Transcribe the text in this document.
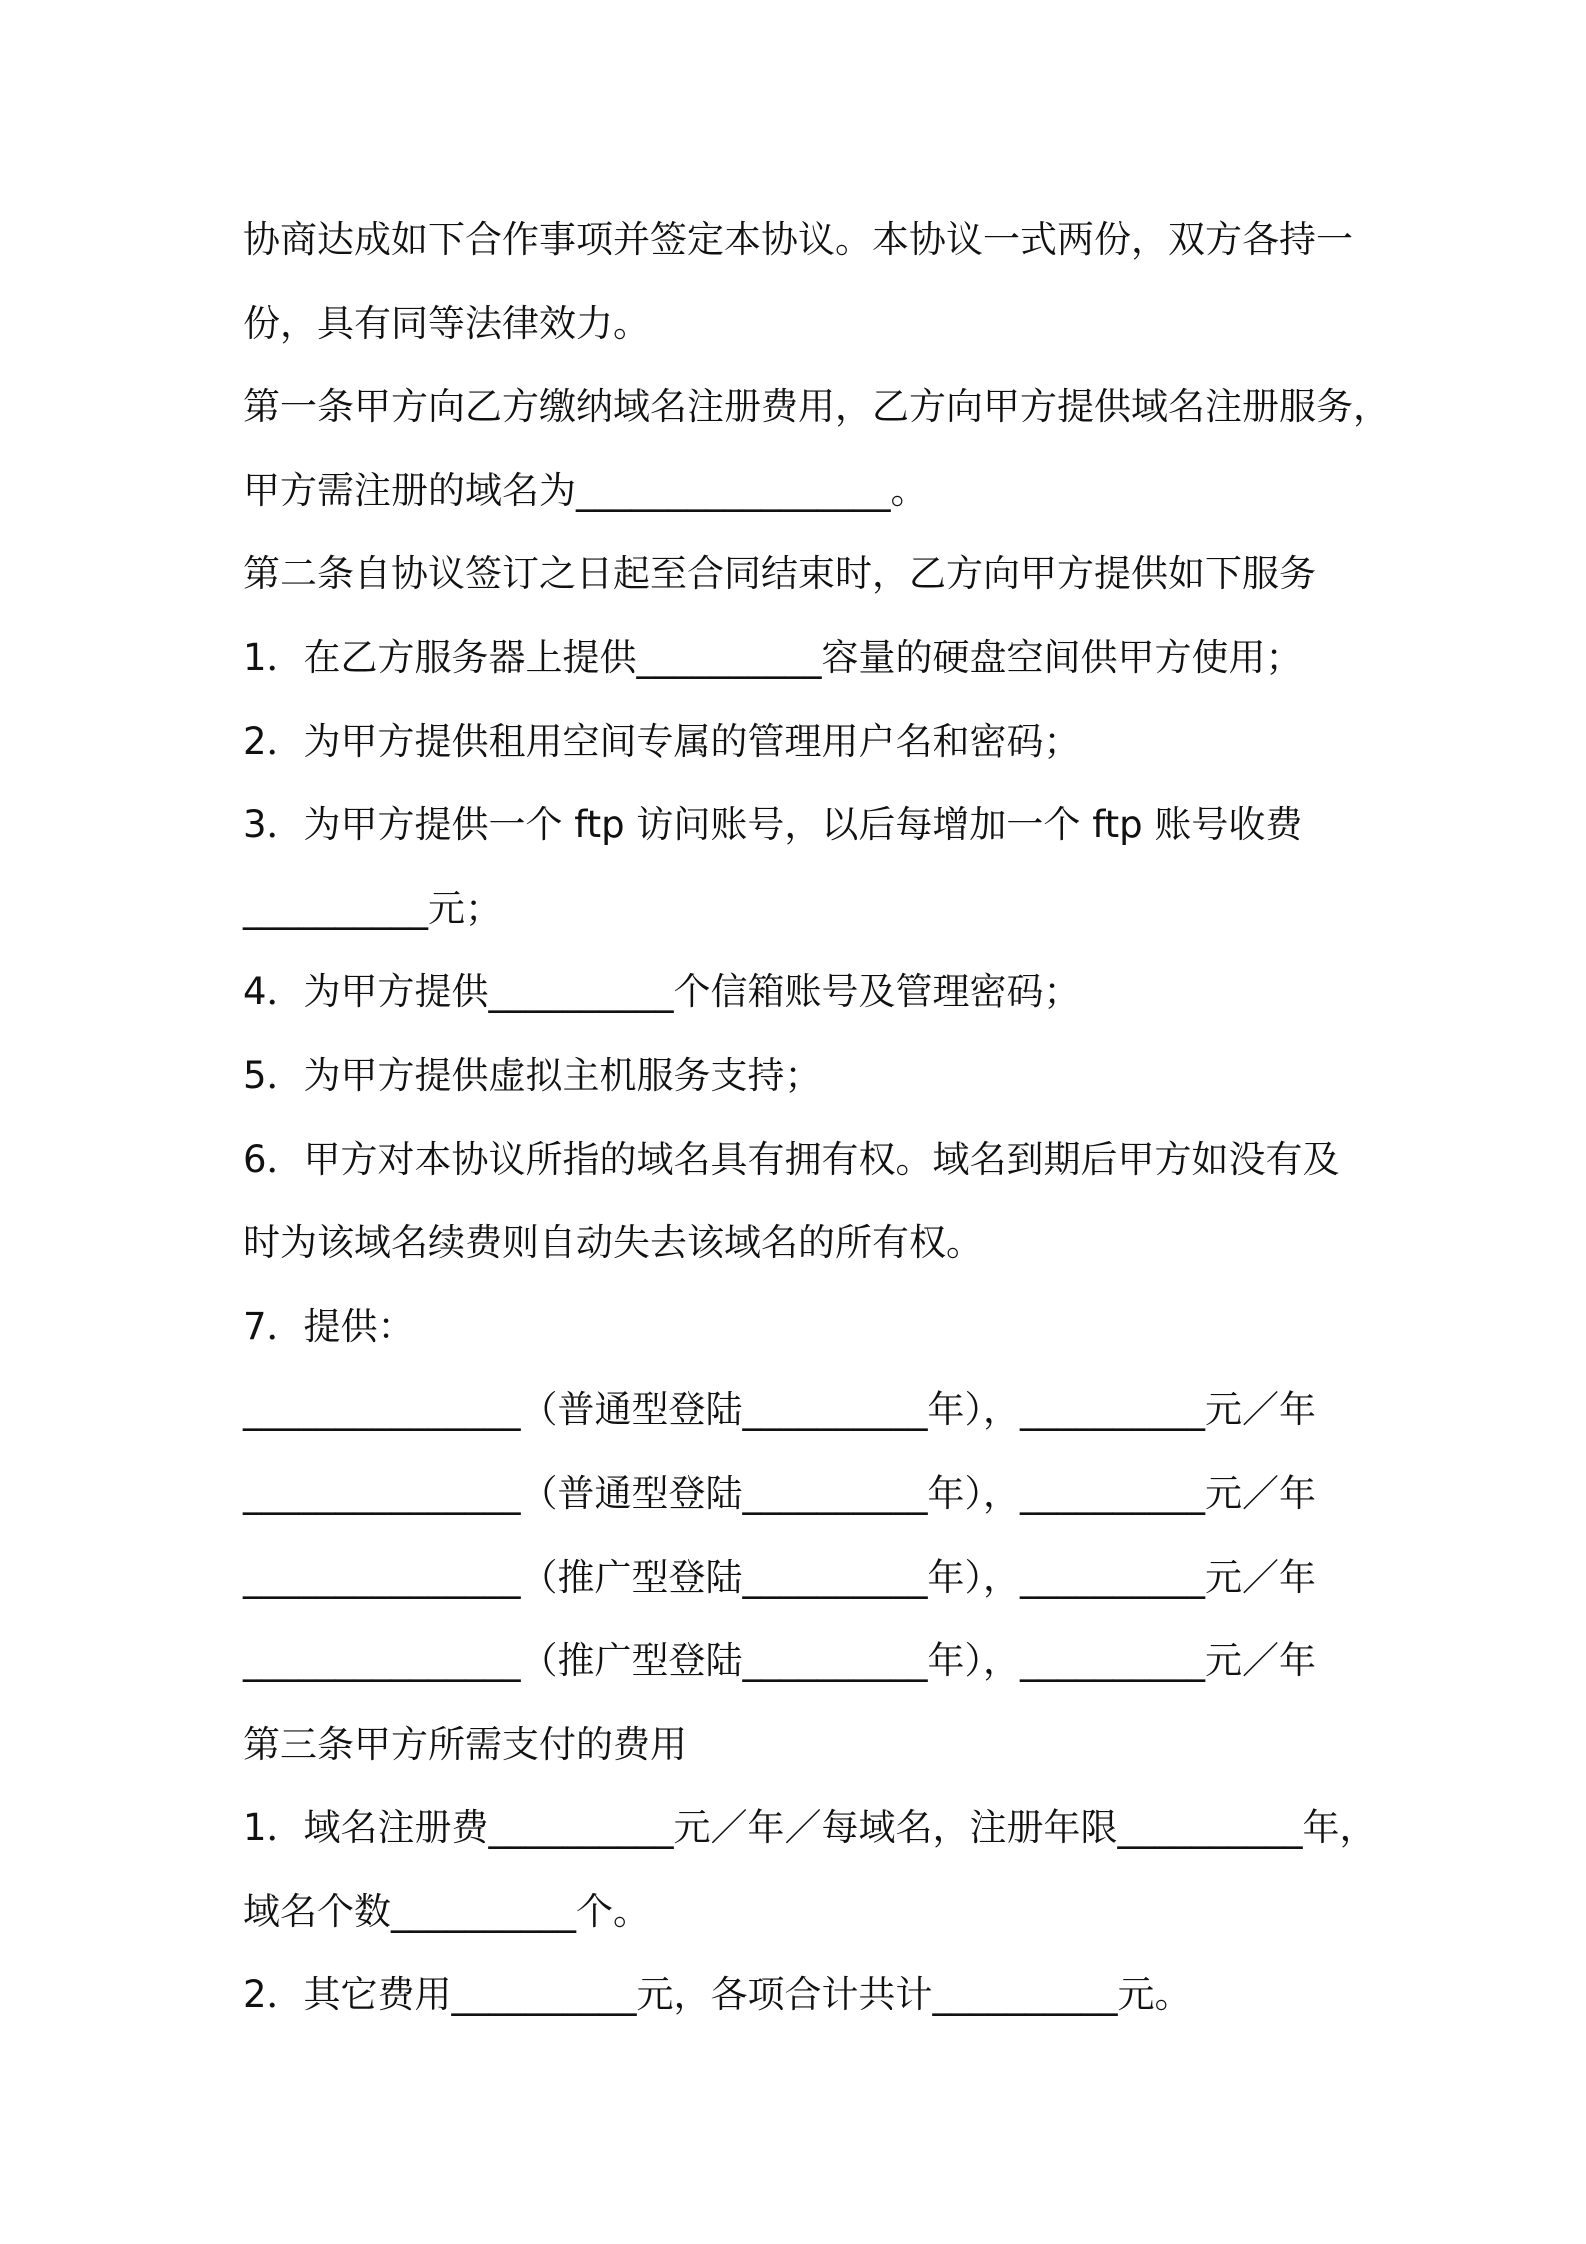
协商达成如下合作事项并签定本协议。本协议一式两份，双方各持一
份，具有同等法律效力。
第一条甲方向乙方缴纳域名注册费用，乙方向甲方提供域名注册服务，
甲方需注册的域名为_________________。
第二条自协议签订之日起至合同结束时，乙方向甲方提供如下服务
1．在乙方服务器上提供__________容量的硬盘空间供甲方使用；
2．为甲方提供租用空间专属的管理用户名和密码；
3．为甲方提供一个 ftp 访问账号，以后每增加一个 ftp 账号收费
__________元；
4．为甲方提供__________个信箱账号及管理密码；
5．为甲方提供虚拟主机服务支持；
6．甲方对本协议所指的域名具有拥有权。域名到期后甲方如没有及
时为该域名续费则自动失去该域名的所有权。
7．提供：
_______________（普通型登陆__________年），__________元／年
_______________（普通型登陆__________年），__________元／年
_______________（推广型登陆__________年），__________元／年
_______________（推广型登陆__________年），__________元／年
第三条甲方所需支付的费用
1．域名注册费__________元／年／每域名，注册年限__________年，
域名个数__________个。
2．其它费用__________元，各项合计共计__________元。
